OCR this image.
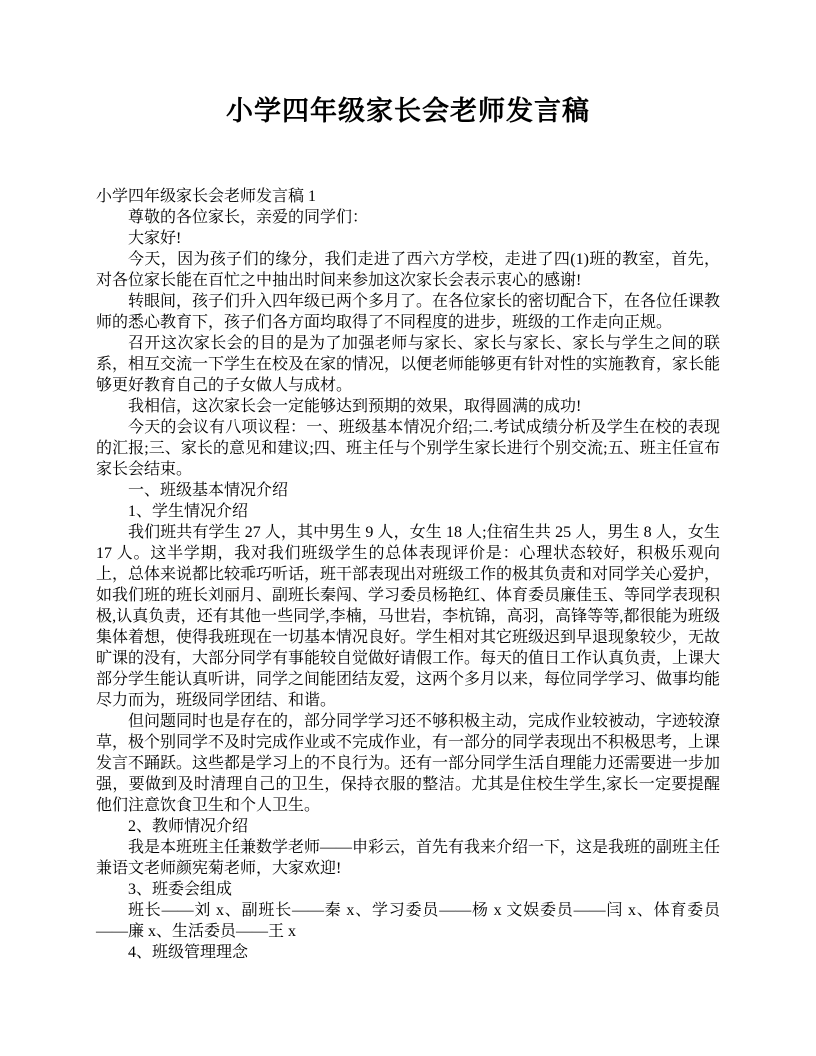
小学四年级家长会老师发言稿

小学四年级家长会老师发言稿 1

尊敬的各位家长，亲爱的同学们：

大家好!

今天，因为孩子们的缘分，我们走进了西六方学校，走进了四(1)班的教室，首先，对各位家长能在百忙之中抽出时间来参加这次家长会表示衷心的感谢!

转眼间，孩子们升入四年级已两个多月了。在各位家长的密切配合下，在各位任课教师的悉心教育下，孩子们各方面均取得了不同程度的进步，班级的工作走向正规。

召开这次家长会的目的是为了加强老师与家长、家长与家长、家长与学生之间的联系，相互交流一下学生在校及在家的情况，以便老师能够更有针对性的实施教育，家长能够更好教育自己的子女做人与成材。

我相信，这次家长会一定能够达到预期的效果，取得圆满的成功!

今天的会议有八项议程：一、班级基本情况介绍;二.考试成绩分析及学生在校的表现的汇报;三、家长的意见和建议;四、班主任与个别学生家长进行个别交流;五、班主任宣布家长会结束。

一、班级基本情况介绍

1、学生情况介绍

我们班共有学生 27 人，其中男生 9 人，女生 18 人;住宿生共 25 人，男生 8 人，女生 17 人。这半学期，我对我们班级学生的总体表现评价是：心理状态较好，积极乐观向上，总体来说都比较乖巧听话，班干部表现出对班级工作的极其负责和对同学关心爱护，如我们班的班长刘丽月、副班长秦闯、学习委员杨艳红、体育委员廉佳玉、等同学表现积极,认真负责，还有其他一些同学,李楠，马世岩，李杭锦，高羽，高锋等等,都很能为班级集体着想，使得我班现在一切基本情况良好。学生相对其它班级迟到早退现象较少，无故旷课的没有，大部分同学有事能较自觉做好请假工作。每天的值日工作认真负责，上课大部分学生能认真听讲，同学之间能团结友爱，这两个多月以来，每位同学学习、做事均能尽力而为，班级同学团结、和谐。

但问题同时也是存在的，部分同学学习还不够积极主动，完成作业较被动，字迹较潦草，极个别同学不及时完成作业或不完成作业，有一部分的同学表现出不积极思考，上课发言不踊跃。这些都是学习上的不良行为。还有一部分同学生活自理能力还需要进一步加强，要做到及时清理自己的卫生，保持衣服的整洁。尤其是住校生学生,家长一定要提醒他们注意饮食卫生和个人卫生。

2、教师情况介绍

我是本班班主任兼数学老师——申彩云，首先有我来介绍一下，这是我班的副班主任兼语文老师颜宪菊老师，大家欢迎!

3、班委会组成

班长——刘 x、副班长——秦 x、学习委员——杨 x 文娱委员——闫 x、体育委员——廉 x、生活委员——王 x

4、班级管理理念
